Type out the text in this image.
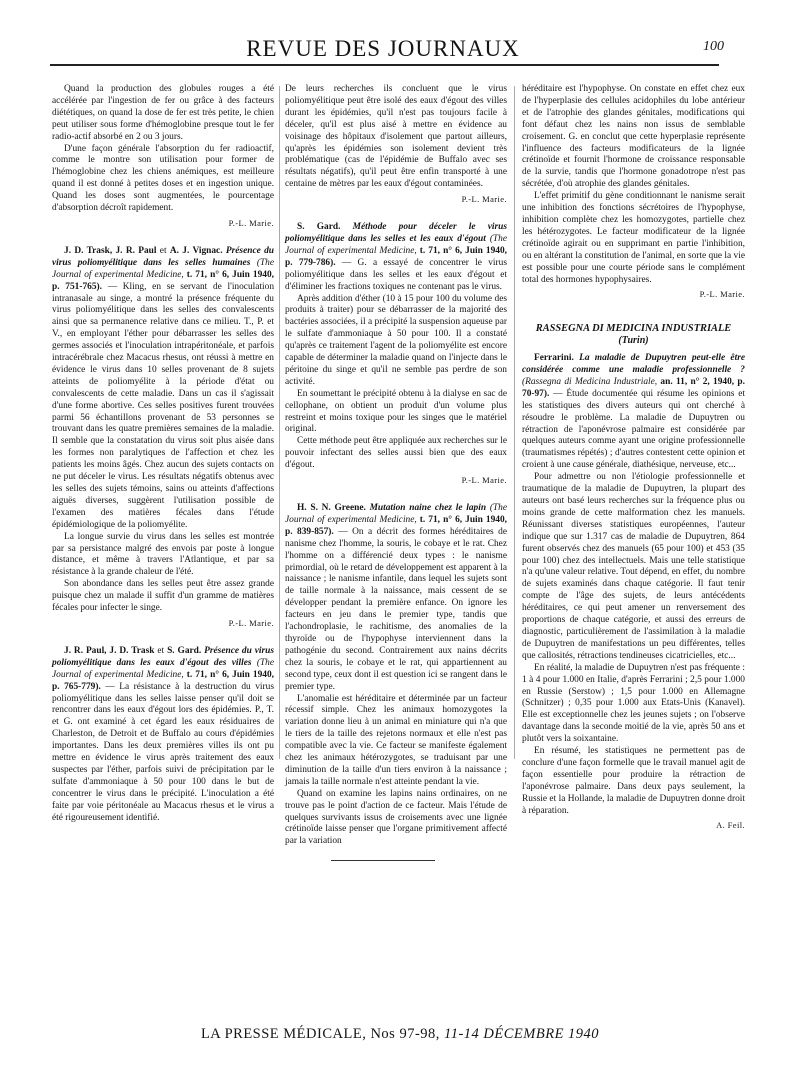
REVUE DES JOURNAUX	100

Quand la production des globules rouges a été accélérée par l'ingestion de fer ou grâce à des facteurs diététiques, on quand la dose de fer est très petite, le chien peut utiliser sous forme d'hémoglobine presque tout le fer radio-actif absorbé en 2 ou 3 jours.

D'une façon générale l'absorption du fer radioactif, comme le montre son utilisation pour former de l'hémoglobine chez les chiens anémiques, est meilleure quand il est donné à petites doses et en ingestion unique. Quand les doses sont augmentées, le pourcentage d'absorption décroît rapidement.

P.-L. Marie.

J. D. Trask, J. R. Paul et A. J. Vignac. Présence du virus poliomyélitique dans les selles humaines (The Journal of experimental Medicine, t. 71, n° 6, Juin 1940, p. 751-765). — Kling, en se servant de l'inoculation intranasale au singe, a montré la présence fréquente du virus poliomyélitique dans les selles des convalescents ainsi que sa permanence relative dans ce milieu. T., P. et V., en employant l'éther pour débarrasser les selles des germes associés et l'inoculation intrapéritonéale, et parfois intracérébrale chez Macacus rhesus, ont réussi à mettre en évidence le virus dans 10 selles provenant de 8 sujets atteints de poliomyélite à la période d'état ou convalescents de cette maladie. Dans un cas il s'agissait d'une forme abortive. Ces selles positives furent trouvées parmi 56 échantillons provenant de 53 personnes se trouvant dans les quatre premières semaines de la maladie. Il semble que la constatation du virus soit plus aisée dans les formes non paralytiques de l'affection et chez les patients les moins âgés. Chez aucun des sujets contacts on ne put déceler le virus. Les résultats négatifs obtenus avec les selles des sujets témoins, sains ou atteints d'affections aiguës diverses, suggèrent l'utilisation possible de l'examen des matières fécales dans l'étude épidémiologique de la poliomyélite.

La longue survie du virus dans les selles est montrée par sa persistance malgré des envois par poste à longue distance, et même à travers l'Atlantique, et par sa résistance à la grande chaleur de l'été.

Son abondance dans les selles peut être assez grande puisque chez un malade il suffit d'un gramme de matières fécales pour infecter le singe.

P.-L. Marie.

J. R. Paul, J. D. Trask et S. Gard. Présence du virus poliomyélitique dans les eaux d'égout des villes (The Journal of experimental Medicine, t. 71, n° 6, Juin 1940, p. 765-779). — La résistance à la destruction du virus poliomyélitique dans les selles laisse penser qu'il doit se rencontrer dans les eaux d'égout lors des épidémies. P., T. et G. ont examiné à cet égard les eaux résiduaires de Charleston, de Detroit et de Buffalo au cours d'épidémies importantes. Dans les deux premières villes ils ont pu mettre en évidence le virus après traitement des eaux suspectes par l'éther, parfois suivi de précipitation par le sulfate d'ammoniaque à 50 pour 100 dans le but de concentrer le virus dans le précipité. L'inoculation a été faite par voie péritonéale au Macacus rhesus et le virus a été rigoureusement identifié.

De leurs recherches ils concluent que le virus poliomyélitique peut être isolé des eaux d'égout des villes durant les épidémies, qu'il n'est pas toujours facile à déceler, qu'il est plus aisé à mettre en évidence au voisinage des hôpitaux d'isolement que partout ailleurs, qu'après les épidémies son isolement devient très problématique (cas de l'épidémie de Buffalo avec ses résultats négatifs), qu'il peut être enfin transporté à une centaine de mètres par les eaux d'égout contaminées.

P.-L. Marie.

S. Gard. Méthode pour déceler le virus poliomyélitique dans les selles et les eaux d'égout (The Journal of experimental Medicine, t. 71, n° 6, Juin 1940, p. 779-786). — G. a essayé de concentrer le virus poliomyélitique dans les selles et les eaux d'égout et d'éliminer les fractions toxiques ne contenant pas le virus.

Après addition d'éther (10 à 15 pour 100 du volume des produits à traiter) pour se débarrasser de la majorité des bactéries associées, il a précipité la suspension aqueuse par le sulfate d'ammoniaque à 50 pour 100. Il a constaté qu'après ce traitement l'agent de la poliomyélite est encore capable de déterminer la maladie quand on l'injecte dans le péritoine du singe et qu'il ne semble pas perdre de son activité.

En soumettant le précipité obtenu à la dialyse en sac de cellophane, on obtient un produit d'un volume plus restreint et moins toxique pour les singes que le matériel original.

Cette méthode peut être appliquée aux recherches sur le pouvoir infectant des selles aussi bien que des eaux d'égout.

P.-L. Marie.

H. S. N. Greene. Mutation naine chez le lapin (The Journal of experimental Medicine, t. 71, n° 6, Juin 1940, p. 839-857). — On a décrit des formes héréditaires de nanisme chez l'homme, la souris, le cobaye et le rat. Chez l'homme on a différencié deux types : le nanisme primordial, où le retard de développement est apparent à la naissance ; le nanisme infantile, dans lequel les sujets sont de taille normale à la naissance, mais cessent de se développer pendant la première enfance. On ignore les facteurs en jeu dans le premier type, tandis que l'achondroplasie, le rachitisme, des anomalies de la thyroïde ou de l'hypophyse interviennent dans la pathogénie du second. Contrairement aux nains décrits chez la souris, le cobaye et le rat, qui appartiennent au second type, ceux dont il est question ici se rangent dans le premier type.

L'anomalie est héréditaire et déterminée par un facteur récessif simple. Chez les animaux homozygotes la variation donne lieu à un animal en miniature qui n'a que le tiers de la taille des rejetons normaux et elle n'est pas compatible avec la vie. Ce facteur se manifeste également chez les animaux hétérozygotes, se traduisant par une diminution de la taille d'un tiers environ à la naissance ; jamais la taille normale n'est atteinte pendant la vie.

Quand on examine les lapins nains ordinaires, on ne trouve pas le point d'action de ce facteur. Mais l'étude de quelques survivants issus de croisements avec une lignée crétinoïde laisse penser que l'organe primitivement affecté par la variation

héréditaire est l'hypophyse. On constate en effet chez eux de l'hyperplasie des cellules acidophiles du lobe antérieur et de l'atrophie des glandes génitales, modifications qui font défaut chez les nains non issus de semblable croisement. G. en conclut que cette hyperplasie représente l'influence des facteurs modificateurs de la lignée crétinoïde et fournit l'hormone de croissance responsable de la survie, tandis que l'hormone gonadotrope n'est pas sécrétée, d'où atrophie des glandes génitales.

L'effet primitif du gène conditionnant le nanisme serait une inhibition des fonctions sécrétoires de l'hypophyse, inhibition complète chez les homozygotes, partielle chez les hétérozygotes. Le facteur modificateur de la lignée crétinoïde agirait ou en supprimant en partie l'inhibition, ou en altérant la constitution de l'animal, en sorte que la vie est possible pour une courte période sans le complément total des hormones hypophysaires.

P.-L. Marie.
RASSEGNA DI MEDICINA INDUSTRIALE
(Turin)

Ferrarini. La maladie de Dupuytren peut-elle être considérée comme une maladie professionnelle ? (Rassegna di Medicina Industriale, an. 11, n° 2, 1940, p. 70-97). — Étude documentée qui résume les opinions et les statistiques des divers auteurs qui ont cherché à résoudre le problème. La maladie de Dupuytren ou rétraction de l'aponévrose palmaire est considérée par quelques auteurs comme ayant une origine professionnelle (traumatismes répétés) ; d'autres contestent cette opinion et croient à une cause générale, diathésique, nerveuse, etc...

Pour admettre ou non l'étiologie professionnelle et traumatique de la maladie de Dupuytren, la plupart des auteurs ont basé leurs recherches sur la fréquence plus ou moins grande de cette malformation chez les manuels. Réunissant diverses statistiques européennes, l'auteur indique que sur 1.317 cas de maladie de Dupuytren, 864 furent observés chez des manuels (65 pour 100) et 453 (35 pour 100) chez des intellectuels. Mais une telle statistique n'a qu'une valeur relative. Tout dépend, en effet, du nombre de sujets examinés dans chaque catégorie. Il faut tenir compte de l'âge des sujets, de leurs antécédents héréditaires, ce qui peut amener un renversement des proportions de chaque catégorie, et aussi des erreurs de diagnostic, particulièrement de l'assimilation à la maladie de Dupuytren de manifestations un peu différentes, telles que callosités, rétractions tendineuses cicatricielles, etc...

En réalité, la maladie de Dupuytren n'est pas fréquente : 1 à 4 pour 1.000 en Italie, d'après Ferrarini ; 2,5 pour 1.000 en Russie (Serstow) ; 1,5 pour 1.000 en Allemagne (Schnitzer) ; 0,35 pour 1.000 aux Etats-Unis (Kanavel). Elle est exceptionnelle chez les jeunes sujets ; on l'observe davantage dans la seconde moitié de la vie, après 50 ans et plutôt vers la soixantaine.

En résumé, les statistiques ne permettent pas de conclure d'une façon formelle que le travail manuel agit de façon essentielle pour produire la rétraction de l'aponévrose palmaire. Dans deux pays seulement, la Russie et la Hollande, la maladie de Dupuytren donne droit à réparation.

A. Feil.
LA PRESSE MÉDICALE, Nos 97-98, 11-14 DÉCEMBRE 1940
